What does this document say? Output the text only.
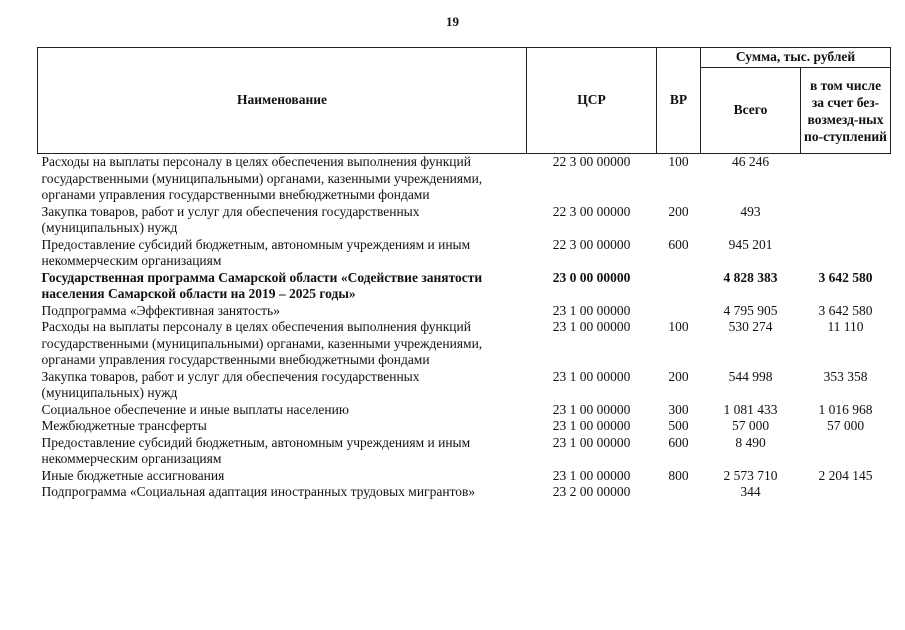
19
Наименование	ЦСР	ВР	Сумма, тыс. рублей	
			Всего	в том числе за счет без-возмезд-ных по-ступлений
Расходы на выплаты персоналу в целях обеспечения выполнения функций государственными (муниципальными) органами, казенными учреждениями, органами управления государственными внебюджетными фондами	22 3 00 00000	100	46 246	
Закупка товаров, работ и услуг для обеспечения государственных (муниципальных) нужд	22 3 00 00000	200	493	
Предоставление субсидий бюджетным, автономным учреждениям и иным некоммерческим организациям	22 3 00 00000	600	945 201	
Государственная программа Самарской области «Содействие занятости населения Самарской области на 2019 – 2025 годы»	23 0 00 00000		4 828 383	3 642 580
Подпрограмма «Эффективная занятость»	23 1 00 00000		4 795 905	3 642 580
Расходы на выплаты персоналу в целях обеспечения выполнения функций государственными (муниципальными) органами, казенными учреждениями, органами управления государственными внебюджетными фондами	23 1 00 00000	100	530 274	11 110
Закупка товаров, работ и услуг для обеспечения государственных (муниципальных) нужд	23 1 00 00000	200	544 998	353 358
Социальное обеспечение и иные выплаты населению	23 1 00 00000	300	1 081 433	1 016 968
Межбюджетные трансферты	23 1 00 00000	500	57 000	57 000
Предоставление субсидий бюджетным, автономным учреждениям и иным некоммерческим организациям	23 1 00 00000	600	8 490	
Иные бюджетные ассигнования	23 1 00 00000	800	2 573 710	2 204 145
Подпрограмма «Социальная адаптация иностранных трудовых мигрантов»	23 2 00 00000		344	
